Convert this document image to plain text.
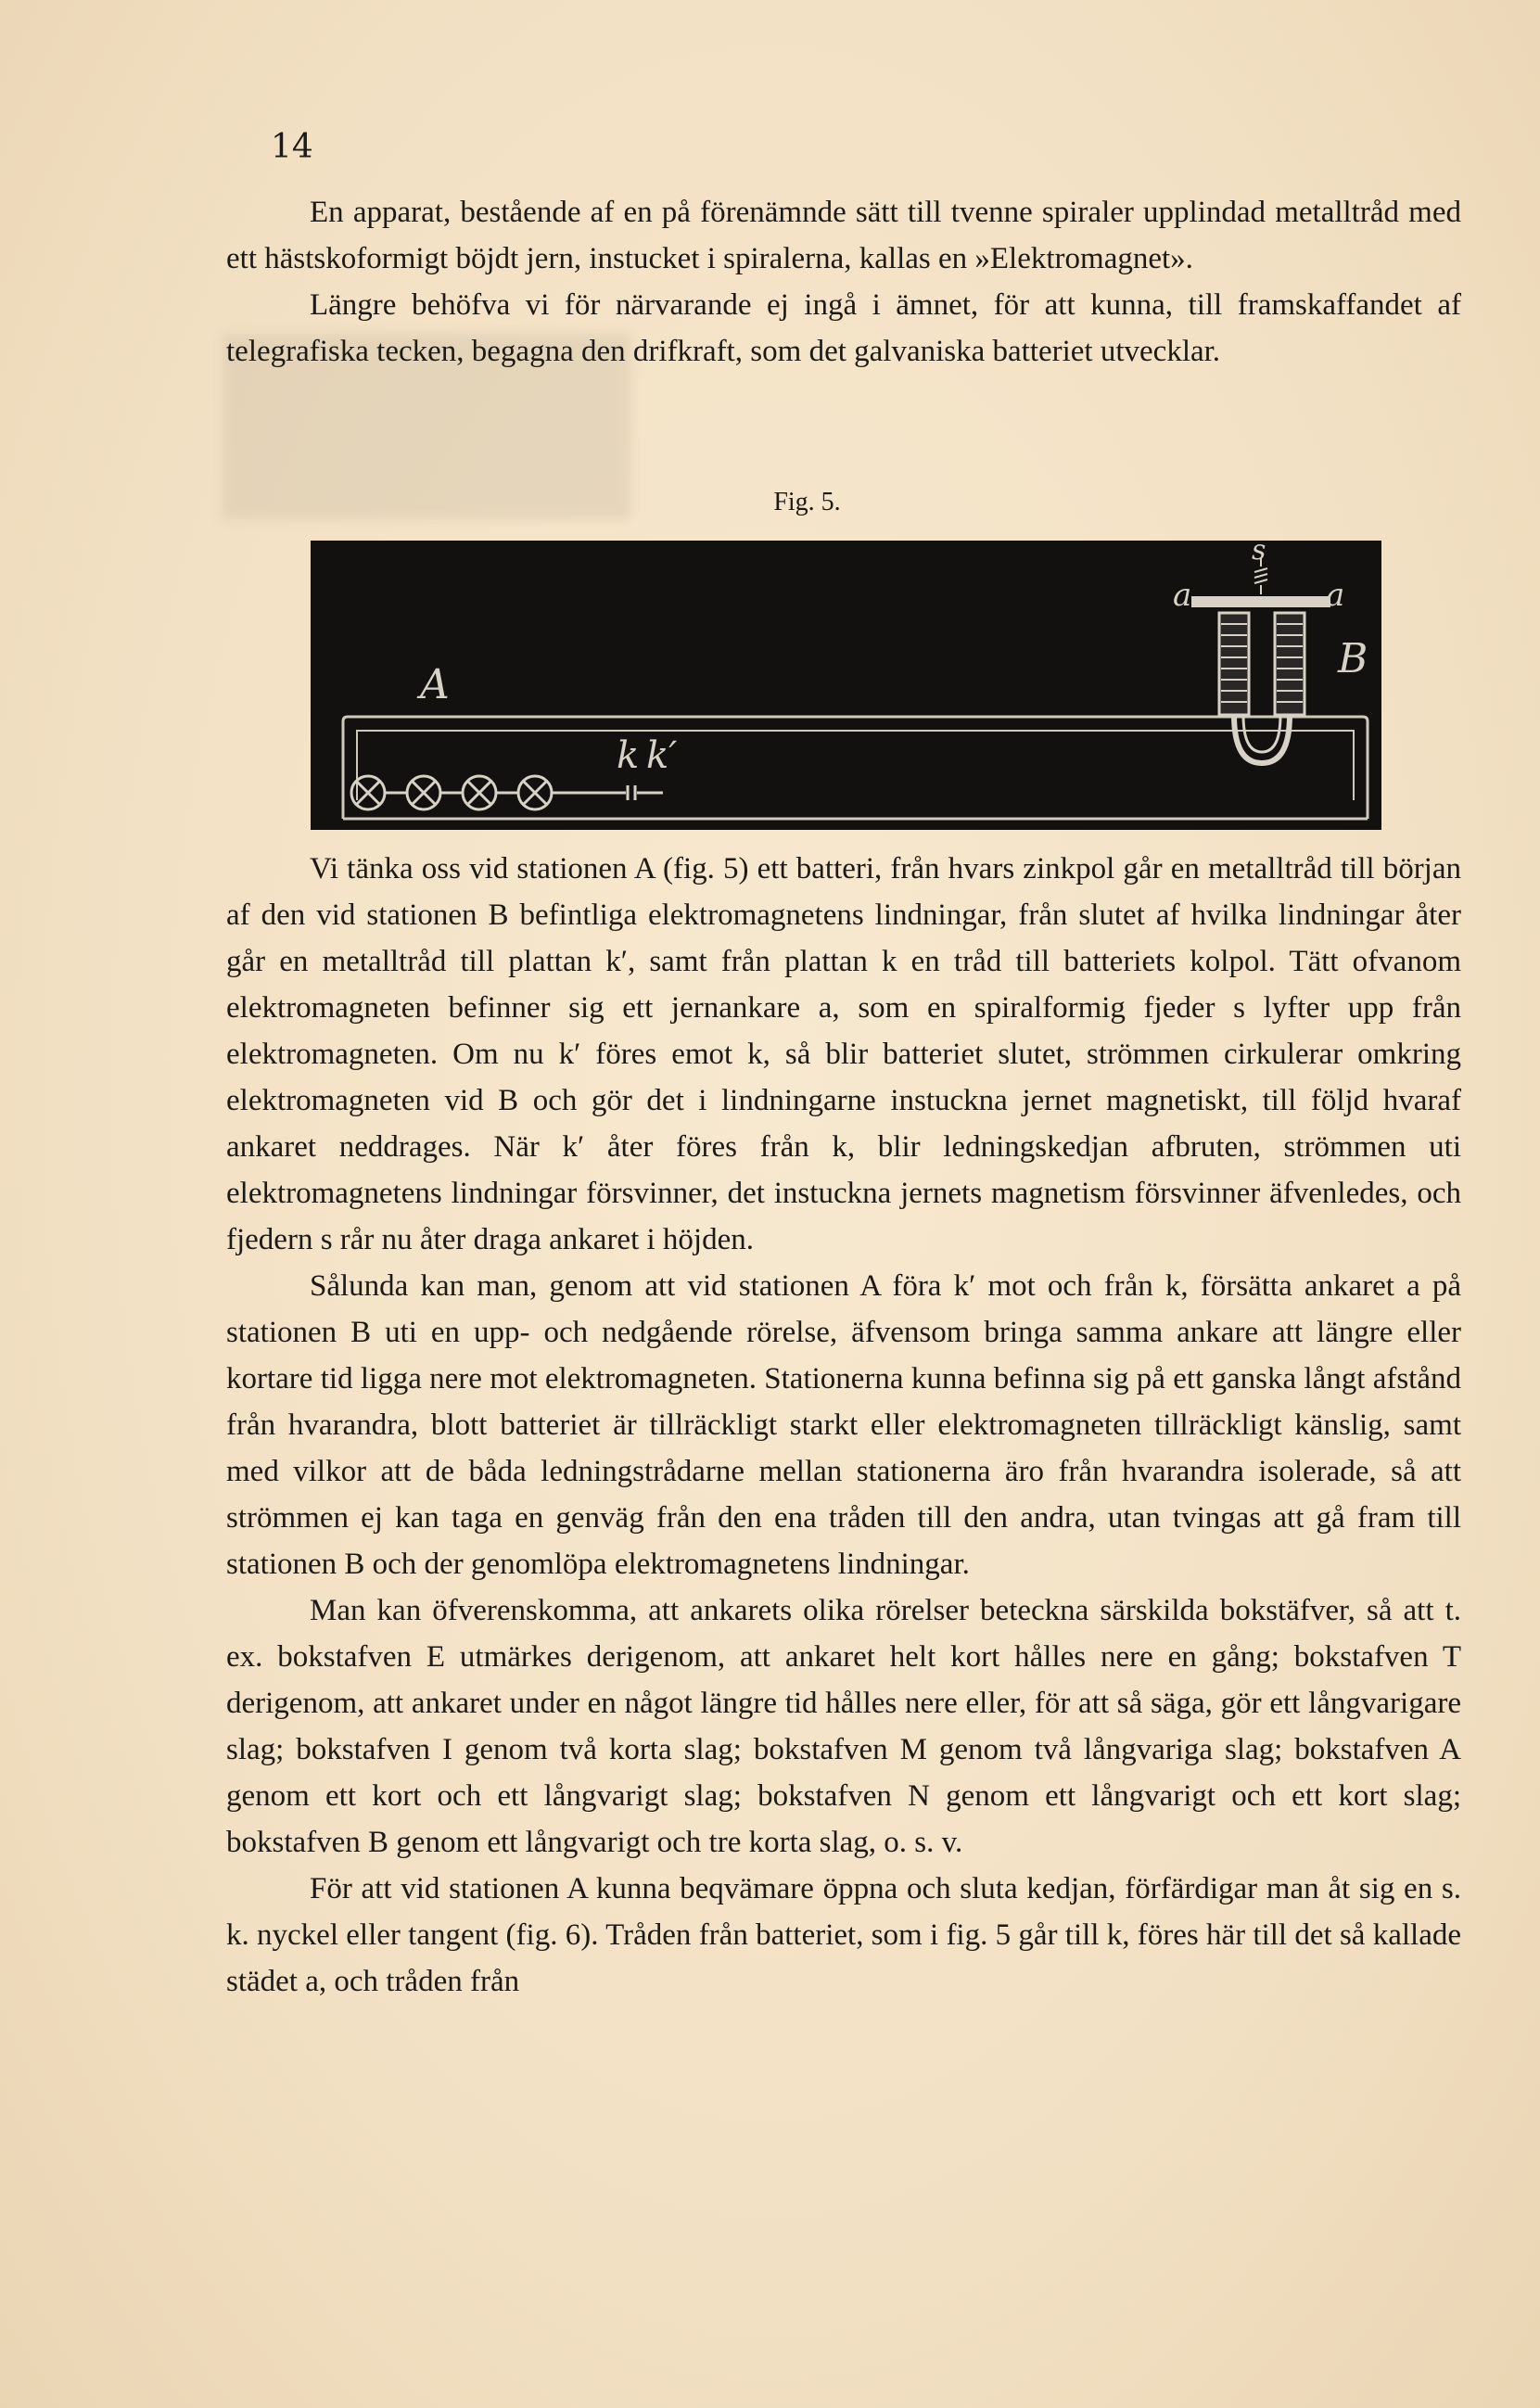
14

En apparat, bestående af en på förenämnde sätt till tvenne spiraler upplindad metalltråd med ett hästskoformigt böjdt jern, instucket i spiralerna, kallas en »Elektromagnet».

Längre behöfva vi för närvarande ej ingå i ämnet, för att kunna, till framskaffandet af telegrafiska tecken, begagna den drifkraft, som det galvaniska batteriet utvecklar.

Fig. 5.

k k′
A
s
a	a
B

Vi tänka oss vid stationen A (fig. 5) ett batteri, från hvars zinkpol går en metalltråd till början af den vid stationen B befintliga elektromagnetens lindningar, från slutet af hvilka lindningar åter går en metalltråd till plattan k′, samt från plattan k en tråd till batteriets kolpol. Tätt ofvanom elektromagneten befinner sig ett jernankare a, som en spiralformig fjeder s lyfter upp från elektromagneten. Om nu k′ föres emot k, så blir batteriet slutet, strömmen cirkulerar omkring elektromagneten vid B och gör det i lindningarne instuckna jernet magnetiskt, till följd hvaraf ankaret neddrages. När k′ åter föres från k, blir ledningskedjan afbruten, strömmen uti elektromagnetens lindningar försvinner, det instuckna jernets magnetism försvinner äfvenledes, och fjedern s rår nu åter draga ankaret i höjden.

Sålunda kan man, genom att vid stationen A föra k′ mot och från k, försätta ankaret a på stationen B uti en upp- och nedgående rörelse, äfvensom bringa samma ankare att längre eller kortare tid ligga nere mot elektromagneten. Stationerna kunna befinna sig på ett ganska långt afstånd från hvarandra, blott batteriet är tillräckligt starkt eller elektromagneten tillräckligt känslig, samt med vilkor att de båda ledningstrådarne mellan stationerna äro från hvarandra isolerade, så att strömmen ej kan taga en genväg från den ena tråden till den andra, utan tvingas att gå fram till stationen B och der genomlöpa elektromagnetens lindningar.

Man kan öfverenskomma, att ankarets olika rörelser beteckna särskilda bokstäfver, så att t. ex. bokstafven E utmärkes derigenom, att ankaret helt kort hålles nere en gång; bokstafven T derigenom, att ankaret under en något längre tid hålles nere eller, för att så säga, gör ett långvarigare slag; bokstafven I genom två korta slag; bokstafven M genom två långvariga slag; bokstafven A genom ett kort och ett långvarigt slag; bokstafven N genom ett långvarigt och ett kort slag; bokstafven B genom ett långvarigt och tre korta slag, o. s. v.

För att vid stationen A kunna beqvämare öppna och sluta kedjan, förfärdigar man åt sig en s. k. nyckel eller tangent (fig. 6). Tråden från batteriet, som i fig. 5 går till k, föres här till det så kallade städet a, och tråden från
